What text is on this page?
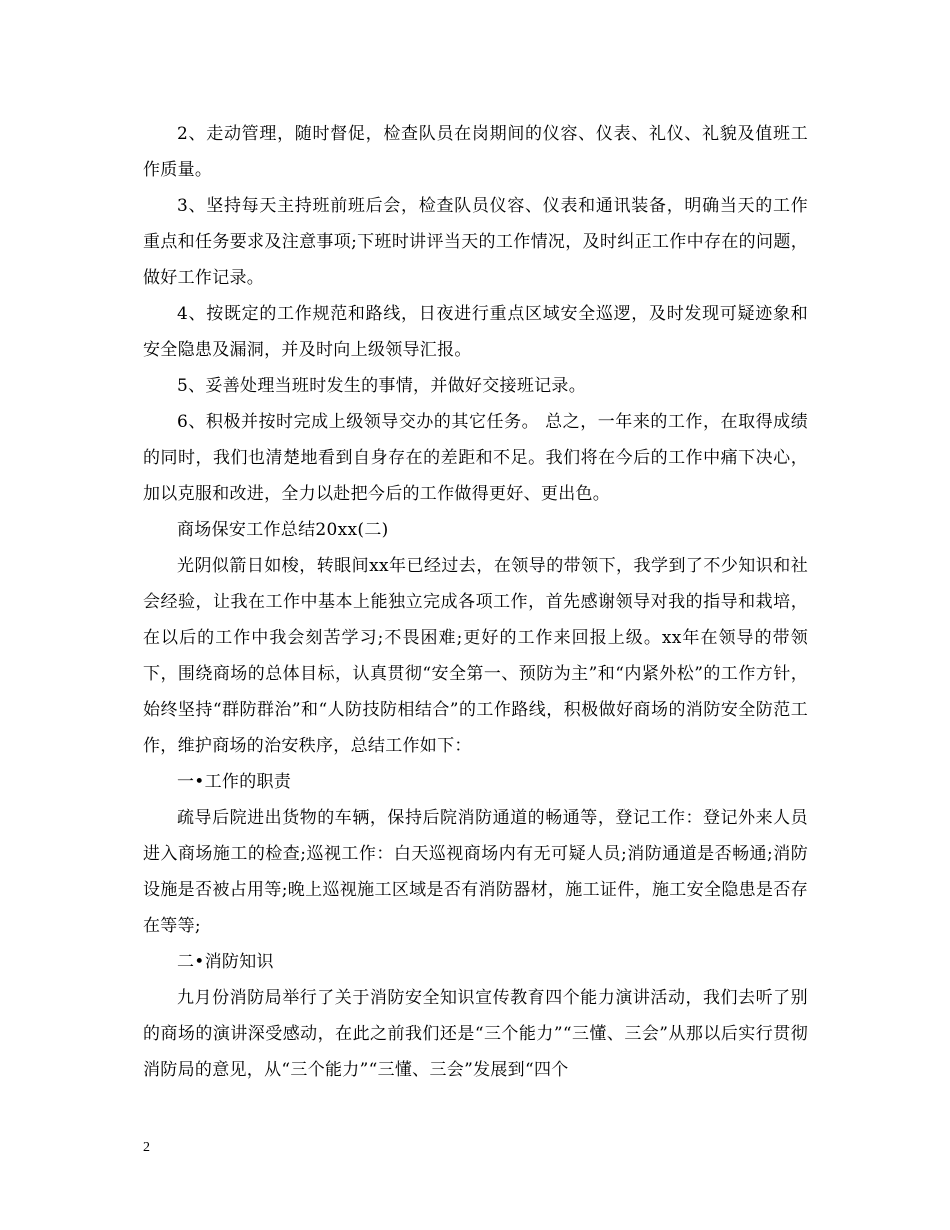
2、走动管理，随时督促，检查队员在岗期间的仪容、仪表、礼仪、礼貌及值班工作质量。

3、坚持每天主持班前班后会，检查队员仪容、仪表和通讯装备，明确当天的工作重点和任务要求及注意事项;下班时讲评当天的工作情况，及时纠正工作中存在的问题，做好工作记录。

4、按既定的工作规范和路线，日夜进行重点区域安全巡逻，及时发现可疑迹象和安全隐患及漏洞，并及时向上级领导汇报。

5、妥善处理当班时发生的事情，并做好交接班记录。

6、积极并按时完成上级领导交办的其它任务。 总之，一年来的工作，在取得成绩的同时，我们也清楚地看到自身存在的差距和不足。我们将在今后的工作中痛下决心，加以克服和改进，全力以赴把今后的工作做得更好、更出色。

商场保安工作总结20xx(二)

光阴似箭日如梭，转眼间xx年已经过去，在领导的带领下，我学到了不少知识和社会经验，让我在工作中基本上能独立完成各项工作，首先感谢领导对我的指导和栽培，在以后的工作中我会刻苦学习;不畏困难;更好的工作来回报上级。xx年在领导的带领下，围绕商场的总体目标，认真贯彻“安全第一、预防为主”和“内紧外松”的工作方针，始终坚持“群防群治”和“人防技防相结合”的工作路线，积极做好商场的消防安全防范工作，维护商场的治安秩序，总结工作如下：

一•工作的职责

疏导后院进出货物的车辆，保持后院消防通道的畅通等，登记工作：登记外来人员进入商场施工的检查;巡视工作：白天巡视商场内有无可疑人员;消防通道是否畅通;消防设施是否被占用等;晚上巡视施工区域是否有消防器材，施工证件，施工安全隐患是否存在等等;

二•消防知识

九月份消防局举行了关于消防安全知识宣传教育四个能力演讲活动，我们去听了别的商场的演讲深受感动，在此之前我们还是“三个能力”“三懂、三会”从那以后实行贯彻消防局的意见，从“三个能力”“三懂、三会”发展到“四个

2
